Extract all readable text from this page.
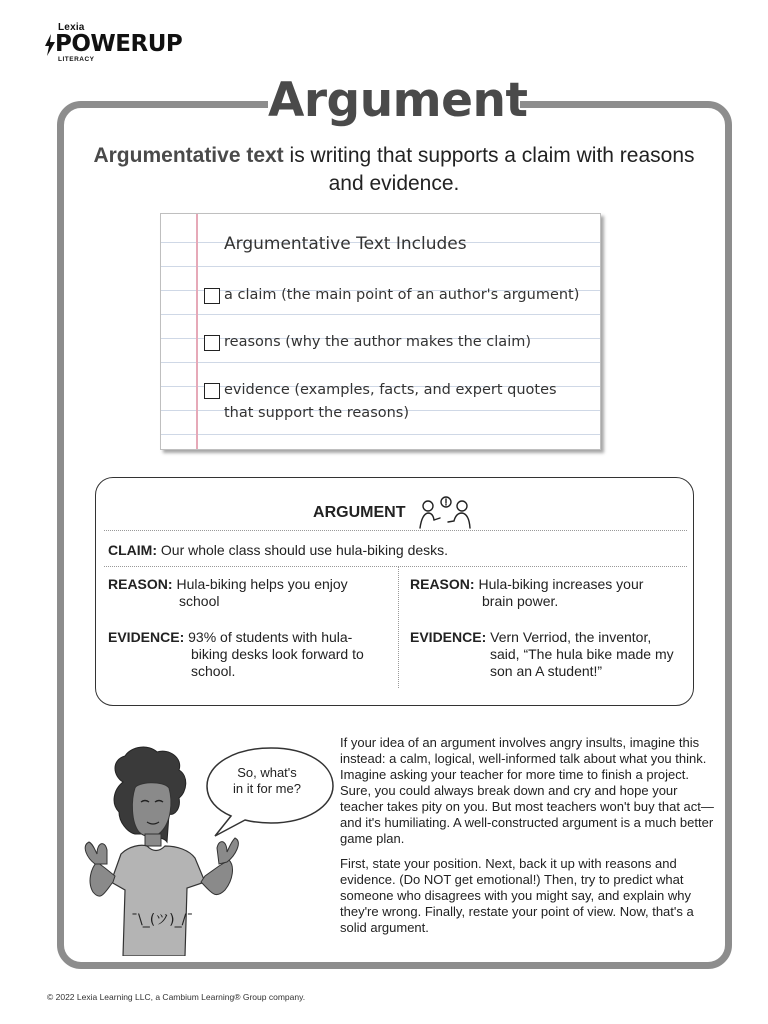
Lexia
POWERUP
LITERACY
Argument
Argumentative text is writing that supports a claim with reasons and evidence.
Argumentative Text Includes
a claim (the main point of an author's argument)
reasons (why the author makes the claim)
evidence (examples, facts, and expert quotes
that support the reasons)
ARGUMENT
CLAIM: Our whole class should use hula-biking desks.
REASON: Hula-biking helps you enjoy
school
EVIDENCE: 93% of students with hula-
biking desks look forward to
school.
REASON: Hula-biking increases your
brain power.
EVIDENCE: Vern Verriod, the inventor,
said, “The hula bike made my
son an A student!”
¯\_(ツ)_/¯
So, what's
in it for me?

If your idea of an argument involves angry insults, imagine this instead: a calm, logical, well-informed talk about what you think. Imagine asking your teacher for more time to finish a project. Sure, you could always break down and cry and hope your teacher takes pity on you. But most teachers won't buy that act—and it's humiliating. A well-constructed argument is a much better game plan.

First, state your position. Next, back it up with reasons and evidence. (Do NOT get emotional!) Then, try to predict what someone who disagrees with you might say, and explain why they're wrong. Finally, restate your point of view. Now, that's a solid argument.

© 2022 Lexia Learning LLC, a Cambium Learning® Group company.
